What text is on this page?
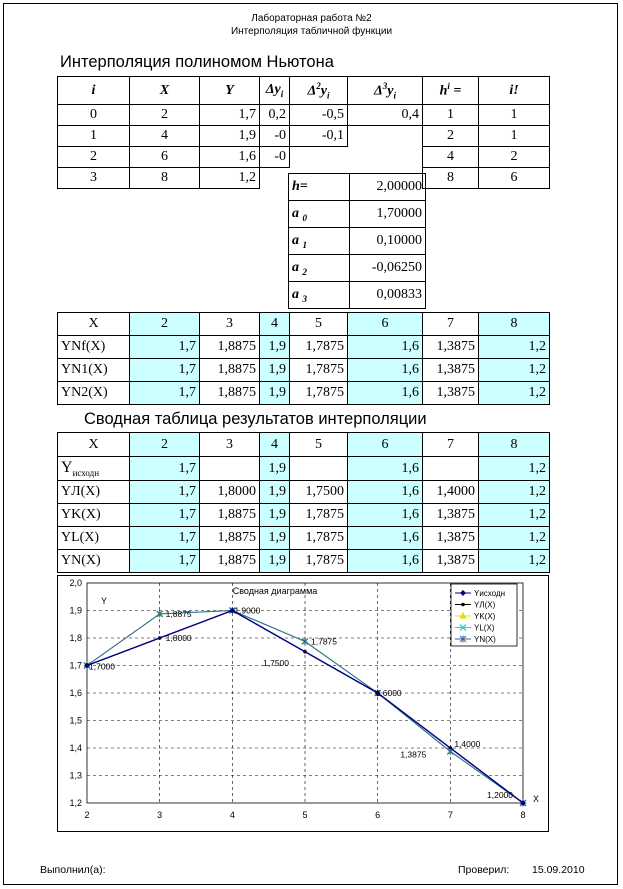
Лабораторная работа №2
Интерполяция табличной функции
Интерполяция полиномом Ньютона
i	X	Y	$\Delta y_i$	$\Delta^2y_i$	$\Delta^3y_i$	$h^i$ =	i!
0	2	1,7	0,2	-0,5	0,4	1	1
1	4	1,9	-0	-0,1		2	1
2	6	1,6	-0			4	2
3	8	1,2				8	6
h=	2,00000
a $_0$	1,70000
a $_1$	0,10000
a $_2$	-0,06250
a $_3$	0,00833
X	2	3	4	5	6	7	8
YNf(X)	1,7	1,8875	1,9	1,7875	1,6	1,3875	1,2
YN1(X)	1,7	1,8875	1,9	1,7875	1,6	1,3875	1,2
YN2(X)	1,7	1,8875	1,9	1,7875	1,6	1,3875	1,2
Сводная таблица результатов интерполяции
X	2	3	4	5	6	7	8
$Y_{исходн}$	1,7		1,9		1,6		1,2
YЛ(X)	1,7	1,8000	1,9	1,7500	1,6	1,4000	1,2
YK(X)	1,7	1,8875	1,9	1,7875	1,6	1,3875	1,2
YL(X)	1,7	1,8875	1,9	1,7875	1,6	1,3875	1,2
YN(X)	1,7	1,8875	1,9	1,7875	1,6	1,3875	1,2
1,2
1,3
1,4
1,5
1,6
1,7
1,8
1,9
2,0
2	3	4	5	6	7	8
Сводная диаграмма
Y
X
1,7000
1,8875
1,8000
1,9000
1,7875
1,7500
1,6000
1,4000
1,3875
1,2000
Yисходн
YЛ(X)
YK(X)
YL(X)
YN(X)
Выполнил(а):	Проверил: 15.09.2010
